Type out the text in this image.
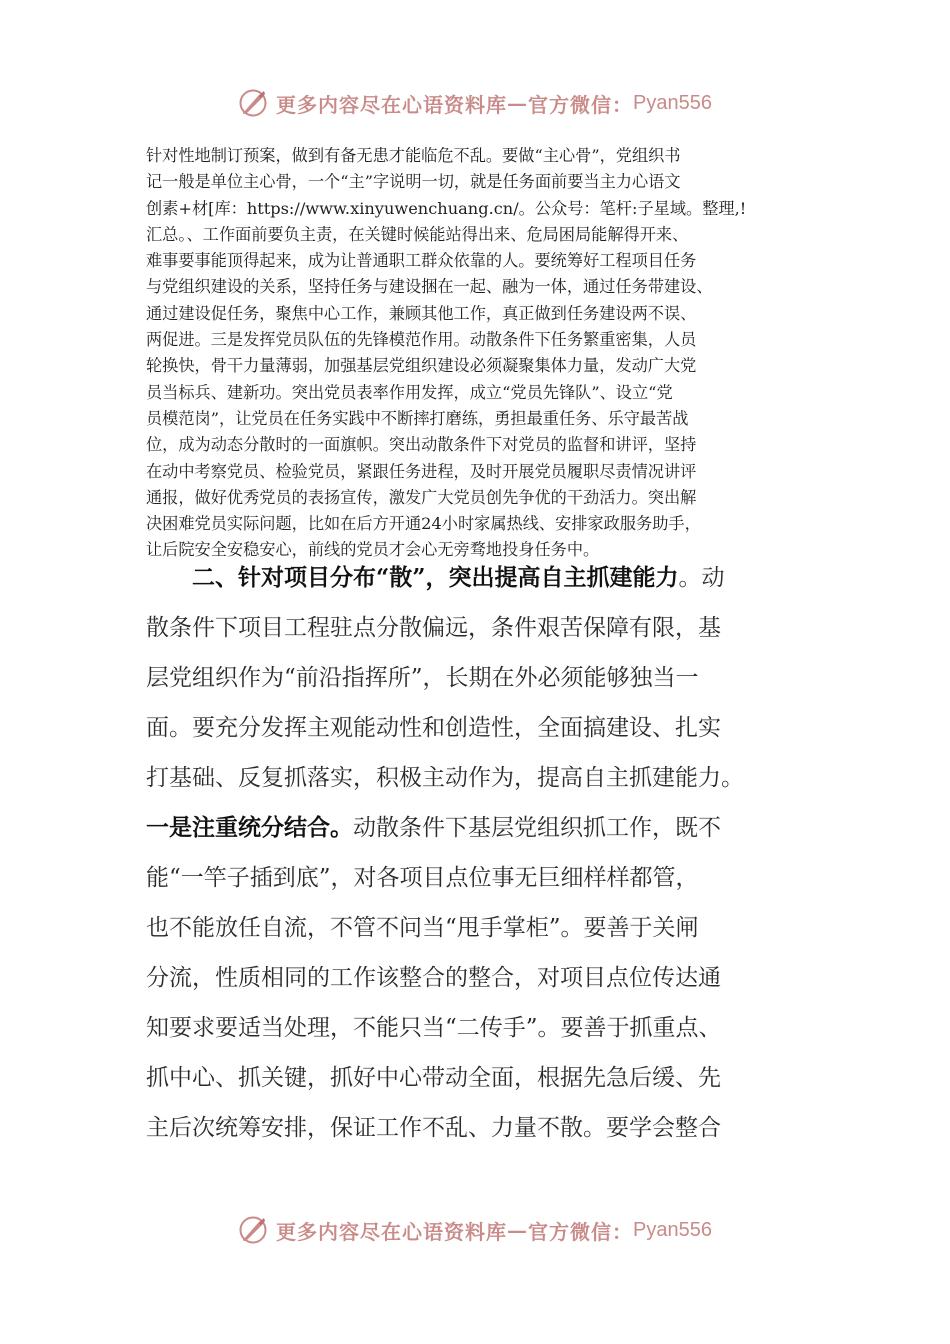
更多内容尽在心语资料库 — 官方微信： Pyan556
针对性地制订预案，做到有备无患才能临危不乱。要做“主心骨”，党组织书
记一般是单位主心骨，一个“主”字说明一切，就是任务面前要当主力心语文
创素+材[库：https://www.xinyuwenchuang.cn/。公众号：笔杆:子星域。整理,!
汇总。、工作面前要负主责，在关键时候能站得出来、危局困局能解得开来、
难事要事能顶得起来，成为让普通职工群众依靠的人。要统筹好工程项目任务
与党组织建设的关系，坚持任务与建设捆在一起、融为一体，通过任务带建设、
通过建设促任务，聚焦中心工作，兼顾其他工作，真正做到任务建设两不误、
两促进。三是发挥党员队伍的先锋模范作用。动散条件下任务繁重密集，人员
轮换快，骨干力量薄弱，加强基层党组织建设必须凝聚集体力量，发动广大党
员当标兵、建新功。突出党员表率作用发挥，成立“党员先锋队”、设立“党
员模范岗”，让党员在任务实践中不断摔打磨练，勇担最重任务、乐守最苦战
位，成为动态分散时的一面旗帜。突出动散条件下对党员的监督和讲评，坚持
在动中考察党员、检验党员，紧跟任务进程，及时开展党员履职尽责情况讲评
通报，做好优秀党员的表扬宣传，激发广大党员创先争优的干劲活力。突出解
决困难党员实际问题，比如在后方开通24小时家属热线、安排家政服务助手，
让后院安全安稳安心，前线的党员才会心无旁骛地投身任务中。
二、针对项目分布“散”，突出提高自主抓建能力。动
散条件下项目工程驻点分散偏远，条件艰苦保障有限，基
层党组织作为“前沿指挥所”，长期在外必须能够独当一
面。要充分发挥主观能动性和创造性，全面搞建设、扎实
打基础、反复抓落实，积极主动作为，提高自主抓建能力。
一是注重统分结合。动散条件下基层党组织抓工作，既不
能“一竿子插到底”，对各项目点位事无巨细样样都管，
也不能放任自流，不管不问当“甩手掌柜”。要善于关闸
分流，性质相同的工作该整合的整合，对项目点位传达通
知要求要适当处理，不能只当“二传手”。要善于抓重点、
抓中心、抓关键，抓好中心带动全面，根据先急后缓、先
主后次统筹安排，保证工作不乱、力量不散。要学会整合
更多内容尽在心语资料库 — 官方微信： Pyan556
